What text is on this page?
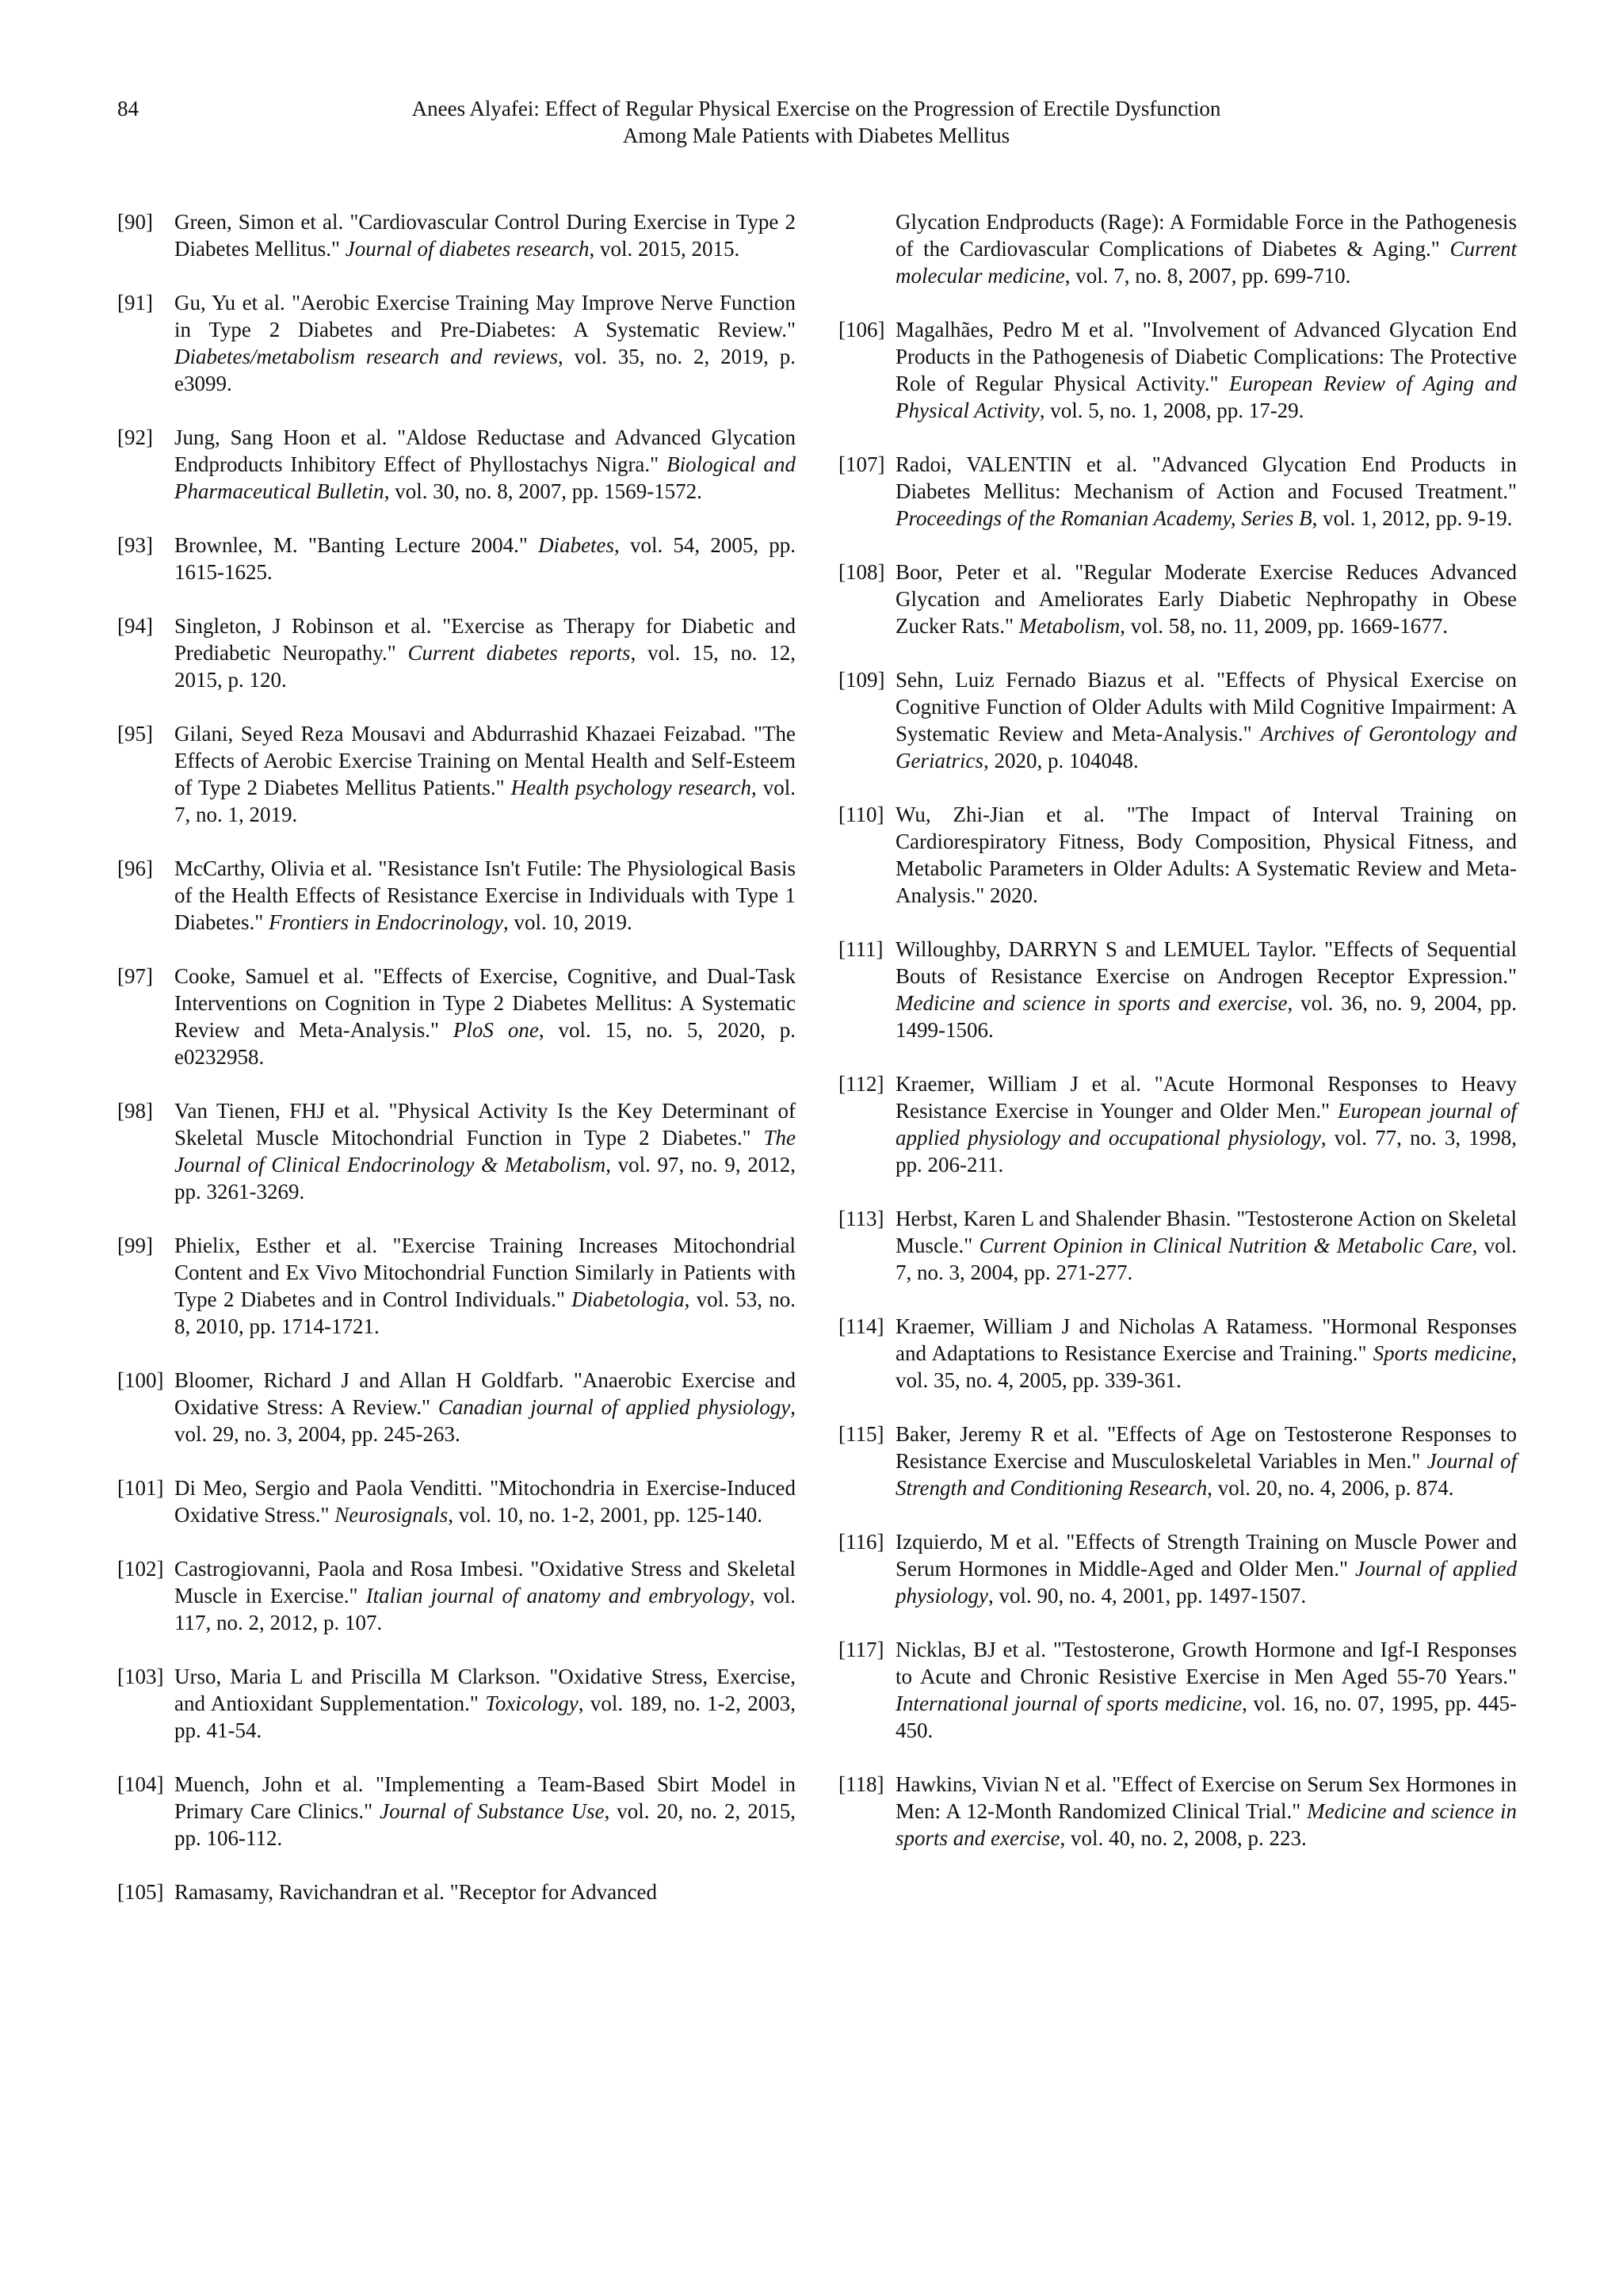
84	Anees Alyafei: Effect of Regular Physical Exercise on the Progression of Erectile Dysfunction
Among Male Patients with Diabetes Mellitus
[90]	Green, Simon et al. "Cardiovascular Control During Exercise in Type 2 Diabetes Mellitus." Journal of diabetes research, vol. 2015, 2015.
[91]	Gu, Yu et al. "Aerobic Exercise Training May Improve Nerve Function in Type 2 Diabetes and Pre‐Diabetes: A Systematic Review." Diabetes/metabolism research and reviews, vol. 35, no. 2, 2019, p. e3099.
[92]	Jung, Sang Hoon et al. "Aldose Reductase and Advanced Glycation Endproducts Inhibitory Effect of Phyllostachys Nigra." Biological and Pharmaceutical Bulletin, vol. 30, no. 8, 2007, pp. 1569-1572.
[93]	Brownlee, M. "Banting Lecture 2004." Diabetes, vol. 54, 2005, pp. 1615-1625.
[94]	Singleton, J Robinson et al. "Exercise as Therapy for Diabetic and Prediabetic Neuropathy." Current diabetes reports, vol. 15, no. 12, 2015, p. 120.
[95]	Gilani, Seyed Reza Mousavi and Abdurrashid Khazaei Feizabad. "The Effects of Aerobic Exercise Training on Mental Health and Self-Esteem of Type 2 Diabetes Mellitus Patients." Health psychology research, vol. 7, no. 1, 2019.
[96]	McCarthy, Olivia et al. "Resistance Isn't Futile: The Physiological Basis of the Health Effects of Resistance Exercise in Individuals with Type 1 Diabetes." Frontiers in Endocrinology, vol. 10, 2019.
[97]	Cooke, Samuel et al. "Effects of Exercise, Cognitive, and Dual-Task Interventions on Cognition in Type 2 Diabetes Mellitus: A Systematic Review and Meta-Analysis." PloS one, vol. 15, no. 5, 2020, p. e0232958.
[98]	Van Tienen, FHJ et al. "Physical Activity Is the Key Determinant of Skeletal Muscle Mitochondrial Function in Type 2 Diabetes." The Journal of Clinical Endocrinology & Metabolism, vol. 97, no. 9, 2012, pp. 3261-3269.
[99]	Phielix, Esther et al. "Exercise Training Increases Mitochondrial Content and Ex Vivo Mitochondrial Function Similarly in Patients with Type 2 Diabetes and in Control Individuals." Diabetologia, vol. 53, no. 8, 2010, pp. 1714-1721.
[100] Bloomer, Richard J and Allan H Goldfarb. "Anaerobic Exercise and Oxidative Stress: A Review." Canadian journal of applied physiology, vol. 29, no. 3, 2004, pp. 245-263.
[101] Di Meo, Sergio and Paola Venditti. "Mitochondria in Exercise-Induced Oxidative Stress." Neurosignals, vol. 10, no. 1-2, 2001, pp. 125-140.
[102] Castrogiovanni, Paola and Rosa Imbesi. "Oxidative Stress and Skeletal Muscle in Exercise." Italian journal of anatomy and embryology, vol. 117, no. 2, 2012, p. 107.
[103] Urso, Maria L and Priscilla M Clarkson. "Oxidative Stress, Exercise, and Antioxidant Supplementation." Toxicology, vol. 189, no. 1-2, 2003, pp. 41-54.
[104] Muench, John et al. "Implementing a Team-Based Sbirt Model in Primary Care Clinics." Journal of Substance Use, vol. 20, no. 2, 2015, pp. 106-112.
[105] Ramasamy, Ravichandran et al. "Receptor for Advanced
Glycation Endproducts (Rage): A Formidable Force in the Pathogenesis of the Cardiovascular Complications of Diabetes & Aging." Current molecular medicine, vol. 7, no. 8, 2007, pp. 699-710.
[106] Magalhães, Pedro M et al. "Involvement of Advanced Glycation End Products in the Pathogenesis of Diabetic Complications: The Protective Role of Regular Physical Activity." European Review of Aging and Physical Activity, vol. 5, no. 1, 2008, pp. 17-29.
[107] Radoi, VALENTIN et al. "Advanced Glycation End Products in Diabetes Mellitus: Mechanism of Action and Focused Treatment." Proceedings of the Romanian Academy, Series B, vol. 1, 2012, pp. 9-19.
[108] Boor, Peter et al. "Regular Moderate Exercise Reduces Advanced Glycation and Ameliorates Early Diabetic Nephropathy in Obese Zucker Rats." Metabolism, vol. 58, no. 11, 2009, pp. 1669-1677.
[109] Sehn, Luiz Fernado Biazus et al. "Effects of Physical Exercise on Cognitive Function of Older Adults with Mild Cognitive Impairment: A Systematic Review and Meta-Analysis." Archives of Gerontology and Geriatrics, 2020, p. 104048.
[110] Wu, Zhi-Jian et al. "The Impact of Interval Training on Cardiorespiratory Fitness, Body Composition, Physical Fitness, and Metabolic Parameters in Older Adults: A Systematic Review and Meta-Analysis." 2020.
[111] Willoughby, DARRYN S and LEMUEL Taylor. "Effects of Sequential Bouts of Resistance Exercise on Androgen Receptor Expression." Medicine and science in sports and exercise, vol. 36, no. 9, 2004, pp. 1499-1506.
[112] Kraemer, William J et al. "Acute Hormonal Responses to Heavy Resistance Exercise in Younger and Older Men." European journal of applied physiology and occupational physiology, vol. 77, no. 3, 1998, pp. 206-211.
[113] Herbst, Karen L and Shalender Bhasin. "Testosterone Action on Skeletal Muscle." Current Opinion in Clinical Nutrition & Metabolic Care, vol. 7, no. 3, 2004, pp. 271-277.
[114] Kraemer, William J and Nicholas A Ratamess. "Hormonal Responses and Adaptations to Resistance Exercise and Training." Sports medicine, vol. 35, no. 4, 2005, pp. 339-361.
[115] Baker, Jeremy R et al. "Effects of Age on Testosterone Responses to Resistance Exercise and Musculoskeletal Variables in Men." Journal of Strength and Conditioning Research, vol. 20, no. 4, 2006, p. 874.
[116] Izquierdo, M et al. "Effects of Strength Training on Muscle Power and Serum Hormones in Middle-Aged and Older Men." Journal of applied physiology, vol. 90, no. 4, 2001, pp. 1497-1507.
[117] Nicklas, BJ et al. "Testosterone, Growth Hormone and Igf-I Responses to Acute and Chronic Resistive Exercise in Men Aged 55-70 Years." International journal of sports medicine, vol. 16, no. 07, 1995, pp. 445-450.
[118] Hawkins, Vivian N et al. "Effect of Exercise on Serum Sex Hormones in Men: A 12-Month Randomized Clinical Trial." Medicine and science in sports and exercise, vol. 40, no. 2, 2008, p. 223.
